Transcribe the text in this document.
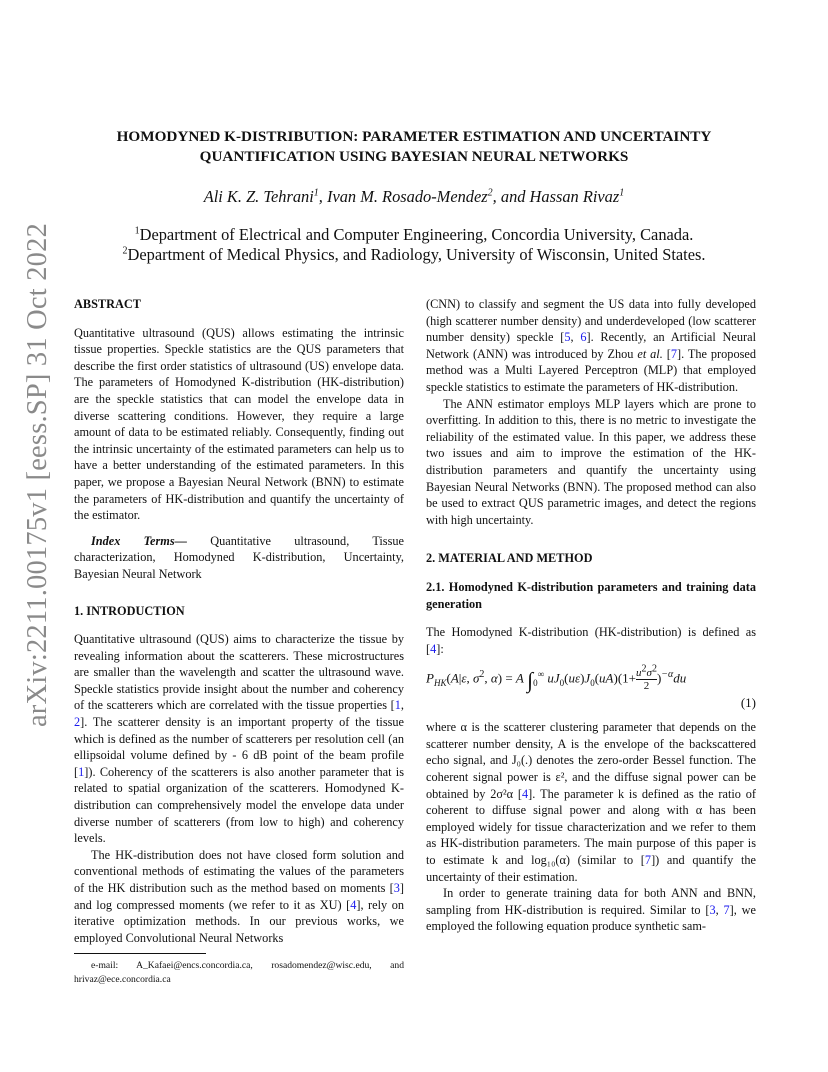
arXiv:2211.00175v1 [eess.SP] 31 Oct 2022
HOMODYNED K-DISTRIBUTION: PARAMETER ESTIMATION AND UNCERTAINTY
QUANTIFICATION USING BAYESIAN NEURAL NETWORKS
Ali K. Z. Tehrani$^1$, Ivan M. Rosado-Mendez$^2$, and Hassan Rivaz$^1$
$^1$Department of Electrical and Computer Engineering, Concordia University, Canada.
$^2$Department of Medical Physics, and Radiology, University of Wisconsin, United States.

ABSTRACT

Quantitative ultrasound (QUS) allows estimating the intrinsic tissue properties. Speckle statistics are the QUS parameters that describe the first order statistics of ultrasound (US) envelope data. The parameters of Homodyned K-distribution (HK-distribution) are the speckle statistics that can model the envelope data in diverse scattering conditions. However, they require a large amount of data to be estimated reliably. Consequently, finding out the intrinsic uncertainty of the estimated parameters can help us to have a better understanding of the estimated parameters. In this paper, we propose a Bayesian Neural Network (BNN) to estimate the parameters of HK-distribution and quantify the uncertainty of the estimator.

Index Terms— Quantitative ultrasound, Tissue characterization, Homodyned K-distribution, Uncertainty, Bayesian Neural Network

1. INTRODUCTION

Quantitative ultrasound (QUS) aims to characterize the tissue by revealing information about the scatterers. These microstructures are smaller than the wavelength and scatter the ultrasound wave. Speckle statistics provide insight about the number and coherency of the scatterers which are correlated with the tissue properties [1, 2]. The scatterer density is an important property of the tissue which is defined as the number of scatterers per resolution cell (an ellipsoidal volume defined by - 6 dB point of the beam profile [1]). Coherency of the scatterers is also another parameter that is related to spatial organization of the scatterers. Homodyned K-distribution can comprehensively model the envelope data under diverse number of scatterers (from low to high) and coherency levels.

The HK-distribution does not have closed form solution and conventional methods of estimating the values of the parameters of the HK distribution such as the method based on moments [3] and log compressed moments (we refer to it as XU) [4], rely on iterative optimization methods. In our previous works, we employed Convolutional Neural Networks

e-mail: A_Kafaei@encs.concordia.ca, rosadomendez@wisc.edu, and hrivaz@ece.concordia.ca

(CNN) to classify and segment the US data into fully developed (high scatterer number density) and underdeveloped (low scatterer number density) speckle [5, 6]. Recently, an Artificial Neural Network (ANN) was introduced by Zhou et al. [7]. The proposed method was a Multi Layered Perceptron (MLP) that employed speckle statistics to estimate the parameters of HK-distribution.

The ANN estimator employs MLP layers which are prone to overfitting. In addition to this, there is no metric to investigate the reliability of the estimated value. In this paper, we address these two issues and aim to improve the estimation of the HK-distribution parameters and quantify the uncertainty using Bayesian Neural Networks (BNN). The proposed method can also be used to extract QUS parametric images, and detect the regions with high uncertainty.

2. MATERIAL AND METHOD

2.1. Homodyned K-distribution parameters and training data generation

The Homodyned K-distribution (HK-distribution) is defined as [4]:

$P_{HK}(A|\varepsilon$, $\sigma^2$, α) = A $\int_0^\infty$ $uJ_0(u\varepsilon)J_0(uA)(1+ \frac{u^2\sigma^2}{2} )^{-\alpha}du$
(1)

where α is the scatterer clustering parameter that depends on the scatterer number density, A is the envelope of the backscattered echo signal, and J₀(.) denotes the zero-order Bessel function. The coherent signal power is ε², and the diffuse signal power can be obtained by 2σ²α [4]. The parameter k is defined as the ratio of coherent to diffuse signal power and along with α has been employed widely for tissue characterization and we refer to them as HK-distribution parameters. The main purpose of this paper is to estimate k and log₁₀(α) (similar to [7]) and quantify the uncertainty of their estimation.

In order to generate training data for both ANN and BNN, sampling from HK-distribution is required. Similar to [3, 7], we employed the following equation produce synthetic sam-
